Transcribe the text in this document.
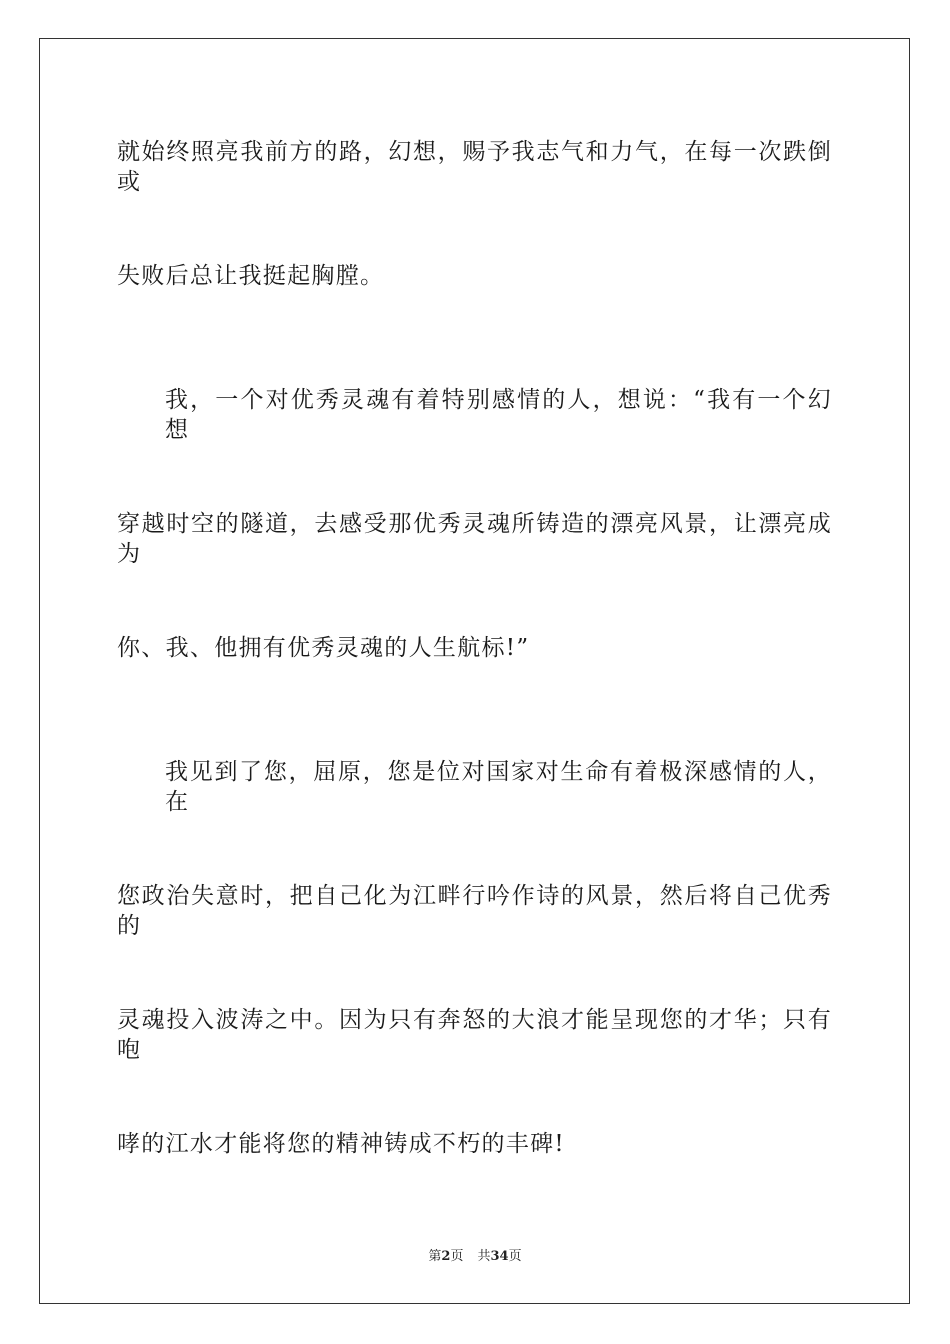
就始终照亮我前方的路，幻想，赐予我志气和力气，在每一次跌倒或
失败后总让我挺起胸膛。
我，一个对优秀灵魂有着特别感情的人，想说：“我有一个幻想
穿越时空的隧道，去感受那优秀灵魂所铸造的漂亮风景，让漂亮成为
你、我、他拥有优秀灵魂的人生航标!”
我见到了您，屈原，您是位对国家对生命有着极深感情的人，在
您政治失意时，把自己化为江畔行吟作诗的风景，然后将自己优秀的
灵魂投入波涛之中。因为只有奔怒的大浪才能呈现您的才华；只有咆
哮的江水才能将您的精神铸成不朽的丰碑!
第2页 共34页
